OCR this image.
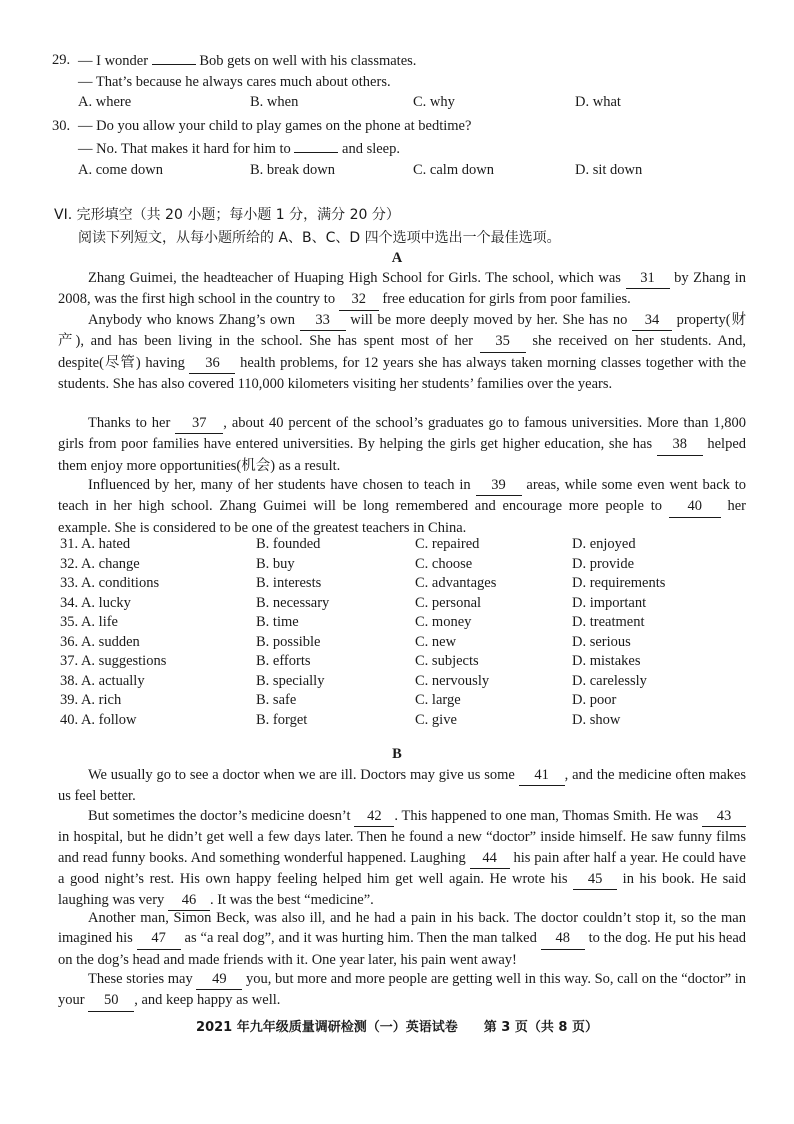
29. — I wonder	Bob gets on well with his classmates.
— That’s because he always cares much about others.
A. where	B. when	C. why	D. what
30. — Do you allow your child to play games on the phone at bedtime?
— No. That makes it hard for him to	and sleep.
A. come down	B. break down	C. calm down	D. sit down
VI. 完形填空（共 20 小题；每小题 1 分，满分 20 分）
阅读下列短文，从每小题所给的 A、B、C、D 四个选项中选出一个最佳选项。
A
Zhang Guimei, the headteacher of Huaping High School for Girls. The school, which was 31 by Zhang in 2008, was the first high school in the country to 32 free education for girls from poor families.
Anybody who knows Zhang’s own 33 will be more deeply moved by her. She has no 34 property(财产), and has been living in the school. She has spent most of her 35 she received on her students. And, despite(尽管) having 36 health problems, for 12 years she has always taken morning classes together with the students. She has also covered 110,000 kilometers visiting her students’ families over the years.
Thanks to her 37 , about 40 percent of the school’s graduates go to famous universities. More than 1,800 girls from poor families have entered universities. By helping the girls get higher education, she has 38 helped them enjoy more opportunities(机会) as a result.
Influenced by her, many of her students have chosen to teach in 39 areas, while some even went back to teach in her high school. Zhang Guimei will be long remembered and encourage more people to 40 her example. She is considered to be one of the greatest teachers in China.
31. A. hated	B. founded	C. repaired	D. enjoyed
32. A. change	B. buy	C. choose	D. provide
33. A. conditions	B. interests	C. advantages	D. requirements
34. A. lucky	B. necessary	C. personal	D. important
35. A. life	B. time	C. money	D. treatment
36. A. sudden	B. possible	C. new	D. serious
37. A. suggestions	B. efforts	C. subjects	D. mistakes
38. A. actually	B. specially	C. nervously	D. carelessly
39. A. rich	B. safe	C. large	D. poor
40. A. follow	B. forget	C. give	D. show
B
We usually go to see a doctor when we are ill. Doctors may give us some 41 , and the medicine often makes us feel better.
But sometimes the doctor’s medicine doesn’t 42 . This happened to one man, Thomas Smith. He was 43 in hospital, but he didn’t get well a few days later. Then he found a new “doctor” inside himself. He saw funny films and read funny books. And something wonderful happened. Laughing 44 his pain after half a year. He could have a good night’s rest. His own happy feeling helped him get well again. He wrote his 45 in his book. He said laughing was very 46 . It was the best “medicine”.
Another man, Simon Beck, was also ill, and he had a pain in his back. The doctor couldn’t stop it, so the man imagined his 47 as “a real dog”, and it was hurting him. Then the man talked 48 to the dog. He put his head on the dog’s head and made friends with it. One year later, his pain went away!
These stories may 49 you, but more and more people are getting well in this way. So, call on the “doctor” in your 50 , and keep happy as well.
2021 年九年级质量调研检测（一）英语试卷 第 3 页（共 8 页）
